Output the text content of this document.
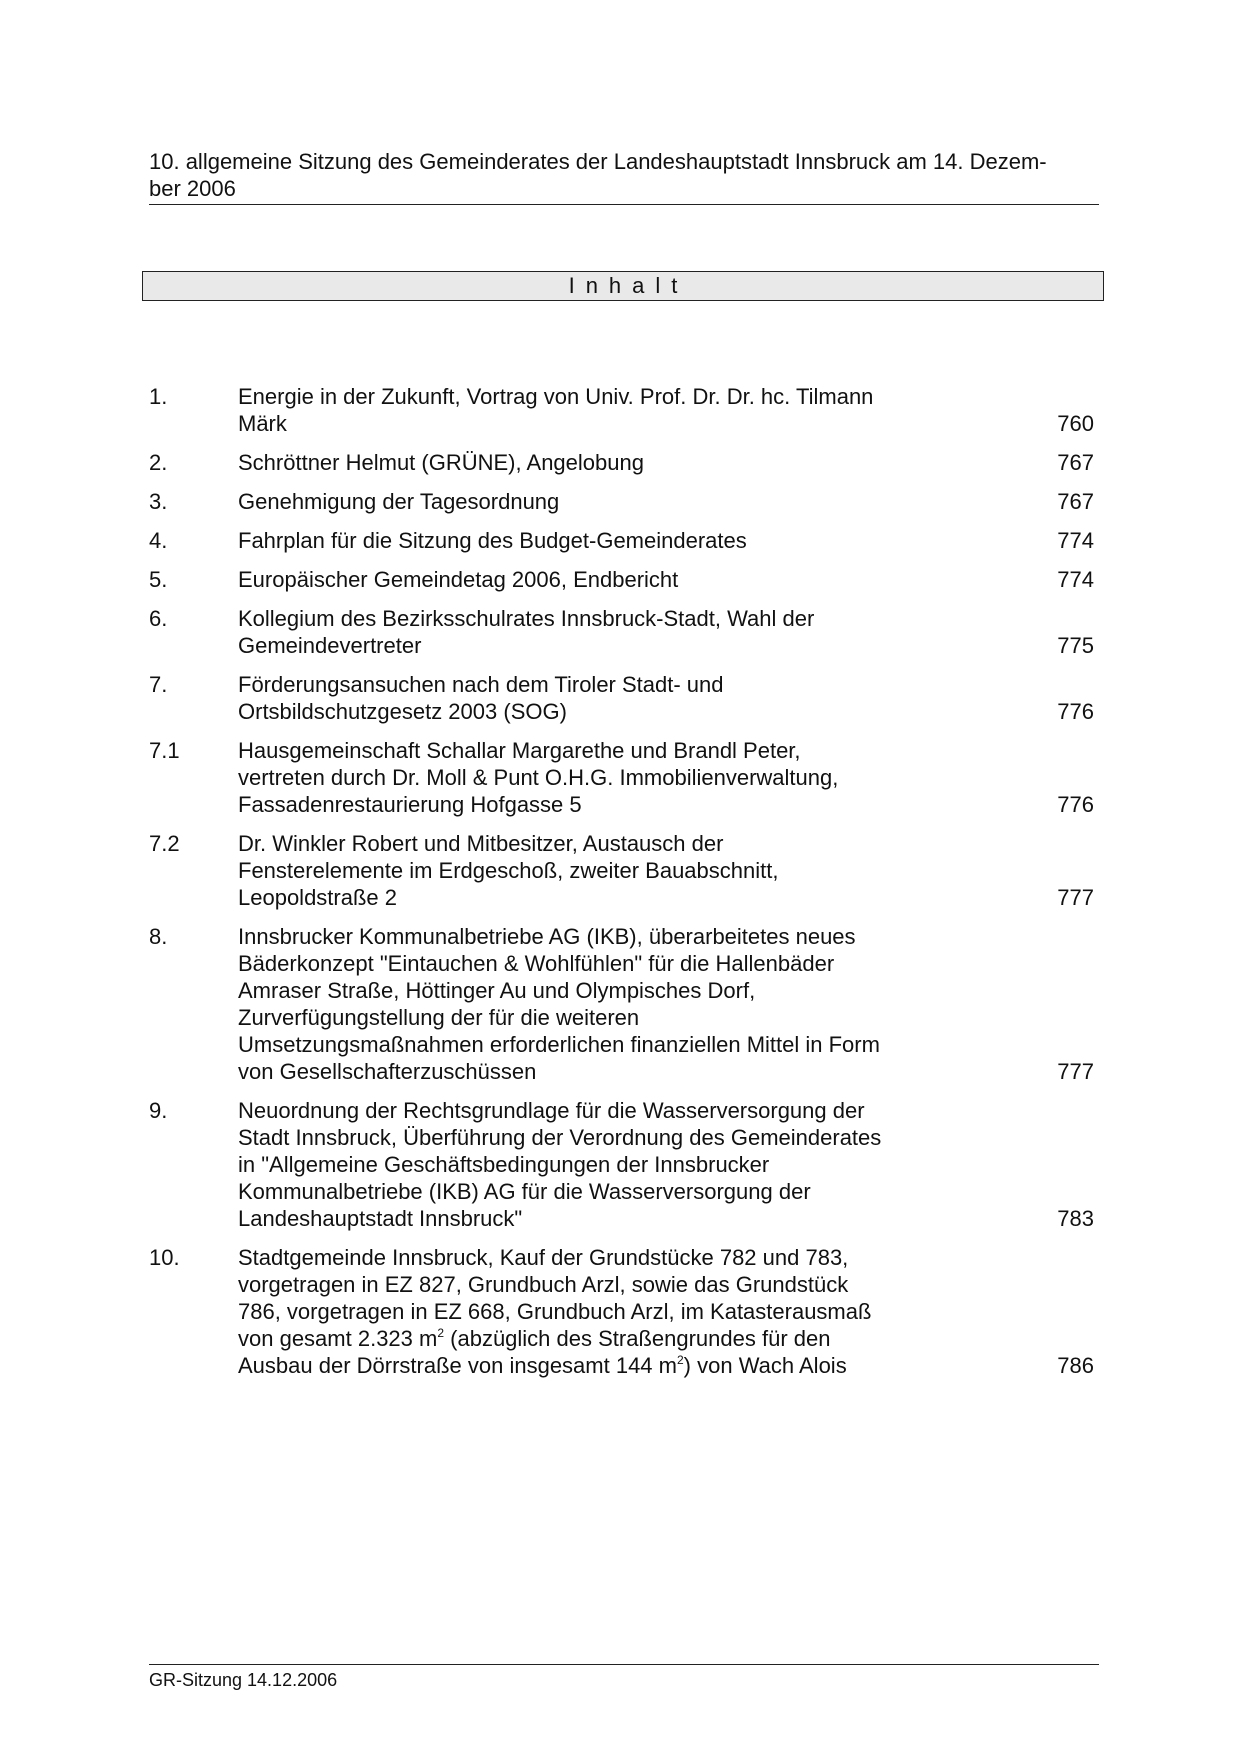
10. allgemeine Sitzung des Gemeinderates der Landeshauptstadt Innsbruck am 14. Dezem-
ber 2006
Inhalt
1.	Energie in der Zukunft, Vortrag von Univ. Prof. Dr. Dr. hc. Tilmann
Märk	760
2.	Schröttner Helmut (GRÜNE), Angelobung	767
3.	Genehmigung der Tagesordnung	767
4.	Fahrplan für die Sitzung des Budget-Gemeinderates	774
5.	Europäischer Gemeindetag 2006, Endbericht	774
6.	Kollegium des Bezirksschulrates Innsbruck-Stadt, Wahl der
Gemeindevertreter	775
7.	Förderungsansuchen nach dem Tiroler Stadt- und
Ortsbildschutzgesetz 2003 (SOG)	776
7.1	Hausgemeinschaft Schallar Margarethe und Brandl Peter,
vertreten durch Dr. Moll & Punt O.H.G. Immobilienverwaltung,
Fassadenrestaurierung Hofgasse 5	776
7.2	Dr. Winkler Robert und Mitbesitzer, Austausch der
Fensterelemente im Erdgeschoß, zweiter Bauabschnitt,
Leopoldstraße 2	777
8.	Innsbrucker Kommunalbetriebe AG (IKB), überarbeitetes neues
Bäderkonzept "Eintauchen & Wohlfühlen" für die Hallenbäder
Amraser Straße, Höttinger Au und Olympisches Dorf,
Zurverfügungstellung der für die weiteren
Umsetzungsmaßnahmen erforderlichen finanziellen Mittel in Form
von Gesellschafterzuschüssen	777
9.	Neuordnung der Rechtsgrundlage für die Wasserversorgung der
Stadt Innsbruck, Überführung der Verordnung des Gemeinderates
in "Allgemeine Geschäftsbedingungen der Innsbrucker
Kommunalbetriebe (IKB) AG für die Wasserversorgung der
Landeshauptstadt Innsbruck"	783
10.	Stadtgemeinde Innsbruck, Kauf der Grundstücke 782 und 783,
vorgetragen in EZ 827, Grundbuch Arzl, sowie das Grundstück
786, vorgetragen in EZ 668, Grundbuch Arzl, im Katasterausmaß
von gesamt 2.323 $m^2$ (abzüglich des Straßengrundes für den
Ausbau der Dörrstraße von insgesamt 144 $m^2$) von Wach Alois	786
GR-Sitzung 14.12.2006
